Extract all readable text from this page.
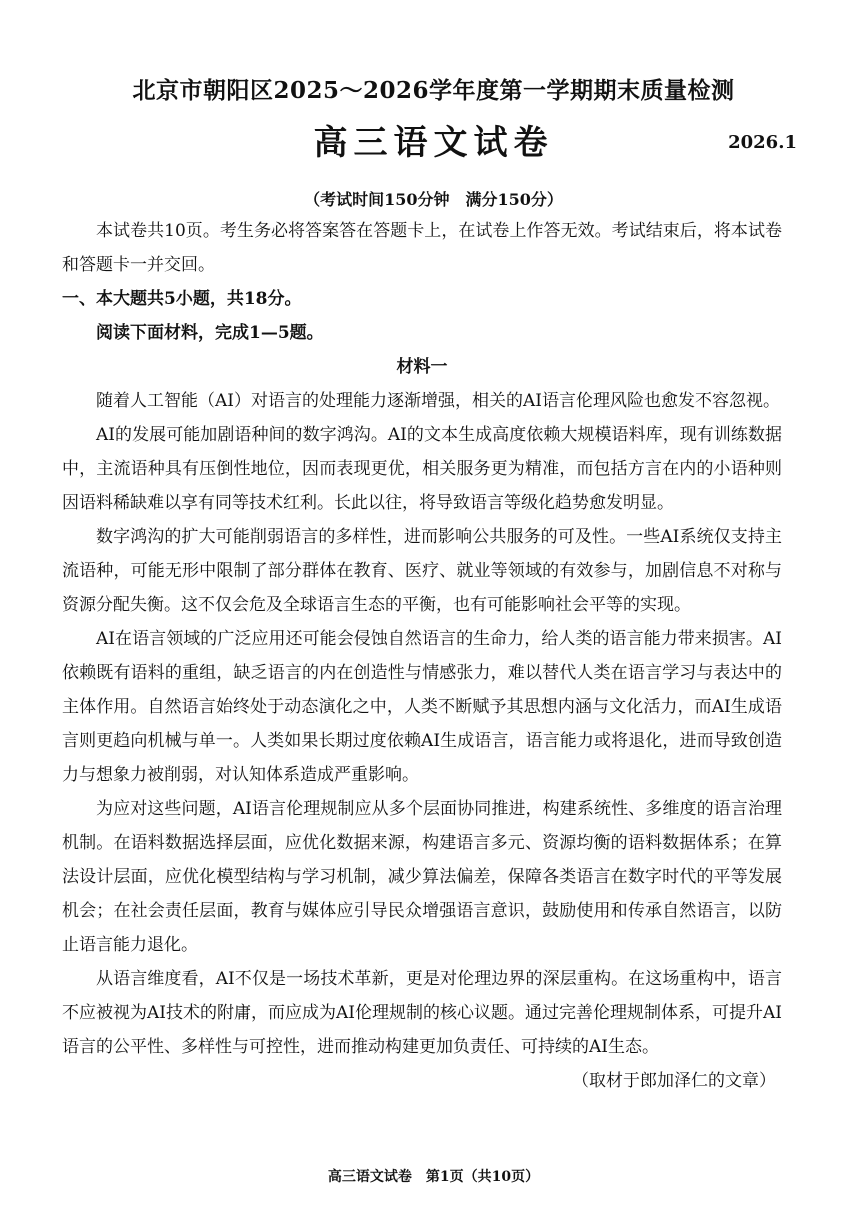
北京市朝阳区2025～2026学年度第一学期期末质量检测
高三语文试卷	2026.1
（考试时间150分钟　满分150分）

本试卷共10页。考生务必将答案答在答题卡上，在试卷上作答无效。考试结束后，将本试卷和答题卡一并交回。

一、本大题共5小题，共18分。

阅读下面材料，完成1—5题。

材料一

随着人工智能（AI）对语言的处理能力逐渐增强，相关的AI语言伦理风险也愈发不容忽视。

AI的发展可能加剧语种间的数字鸿沟。AI的文本生成高度依赖大规模语料库，现有训练数据中，主流语种具有压倒性地位，因而表现更优，相关服务更为精准，而包括方言在内的小语种则因语料稀缺难以享有同等技术红利。长此以往，将导致语言等级化趋势愈发明显。

数字鸿沟的扩大可能削弱语言的多样性，进而影响公共服务的可及性。一些AI系统仅支持主流语种，可能无形中限制了部分群体在教育、医疗、就业等领域的有效参与，加剧信息不对称与资源分配失衡。这不仅会危及全球语言生态的平衡，也有可能影响社会平等的实现。

AI在语言领域的广泛应用还可能会侵蚀自然语言的生命力，给人类的语言能力带来损害。AI依赖既有语料的重组，缺乏语言的内在创造性与情感张力，难以替代人类在语言学习与表达中的主体作用。自然语言始终处于动态演化之中，人类不断赋予其思想内涵与文化活力，而AI生成语言则更趋向机械与单一。人类如果长期过度依赖AI生成语言，语言能力或将退化，进而导致创造力与想象力被削弱，对认知体系造成严重影响。

为应对这些问题，AI语言伦理规制应从多个层面协同推进，构建系统性、多维度的语言治理机制。在语料数据选择层面，应优化数据来源，构建语言多元、资源均衡的语料数据体系；在算法设计层面，应优化模型结构与学习机制，减少算法偏差，保障各类语言在数字时代的平等发展机会；在社会责任层面，教育与媒体应引导民众增强语言意识，鼓励使用和传承自然语言，以防止语言能力退化。

从语言维度看，AI不仅是一场技术革新，更是对伦理边界的深层重构。在这场重构中，语言不应被视为AI技术的附庸，而应成为AI伦理规制的核心议题。通过完善伦理规制体系，可提升AI语言的公平性、多样性与可控性，进而推动构建更加负责任、可持续的AI生态。

（取材于郎加泽仁的文章）

高三语文试卷　第1页（共10页）
